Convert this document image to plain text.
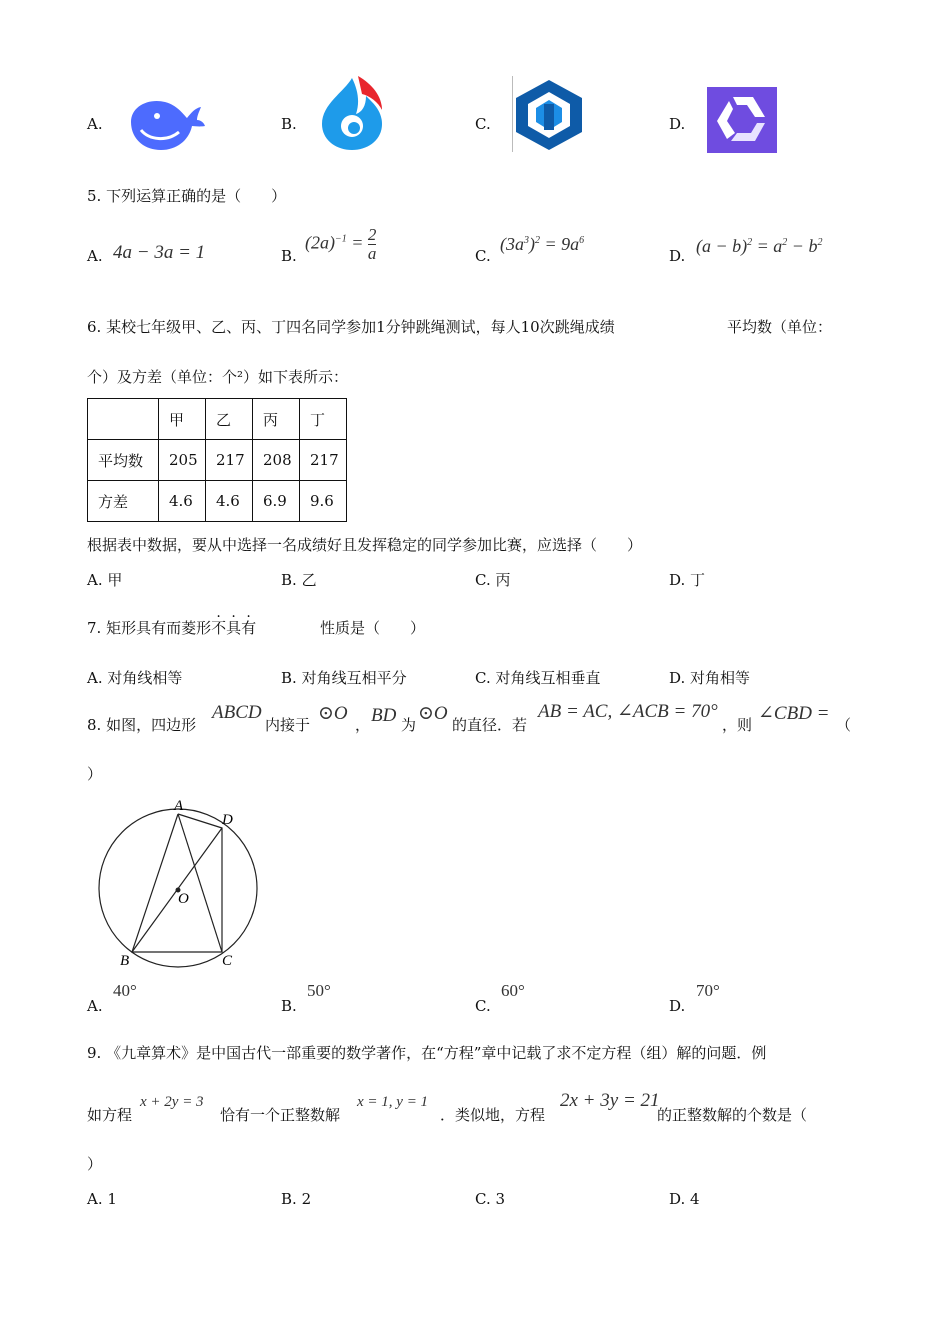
A.	B.	C.	D.
5. 下列运算正确的是（　　）
A. 4a − 3a = 1	B.
$(2a)^{-1} = \frac{2}{a}$	C.
$(3a^3)^2 = 9a^6$
D. $(a - b)^2 = a^2 - b^2$
6. 某校七年级甲、乙、丙、丁四名同学参加1分钟跳绳测试，每人10次跳绳成绩	平均数（单位：
个）及方差（单位：个²）如下表所示：
	甲	乙	丙	丁
平均数	205	217	208	217
方差	4.6	4.6	6.9	9.6
根据表中数据，要从中选择一名成绩好且发挥稳定的同学参加比赛，应选择（　　）
A. 甲	B. 乙	C. 丙	D. 丁
7. 矩形具有而菱形不具有	性质是（　　）
A. 对角线相等	B. 对角线互相平分	C. 对角线互相垂直	D. 对角相等
8. 如图，四边形
ABCD
内接于
⊙O
， BD 为
⊙O
的直径．若
AB = AC, ∠ACB = 70°
，则
∠CBD =
（
）
A
D
O
B	C
A.
40°
B.
50°
C.
60°
D.
70°
9. 《九章算术》是中国古代一部重要的数学著作，在“方程”章中记载了求不定方程（组）解的问题．例
如方程
x + 2y = 3
恰有一个正整数解
x = 1, y = 1
．类似地，方程
2x + 3y = 21
的正整数解的个数是（
）
A. 1	B. 2	C. 3	D. 4
